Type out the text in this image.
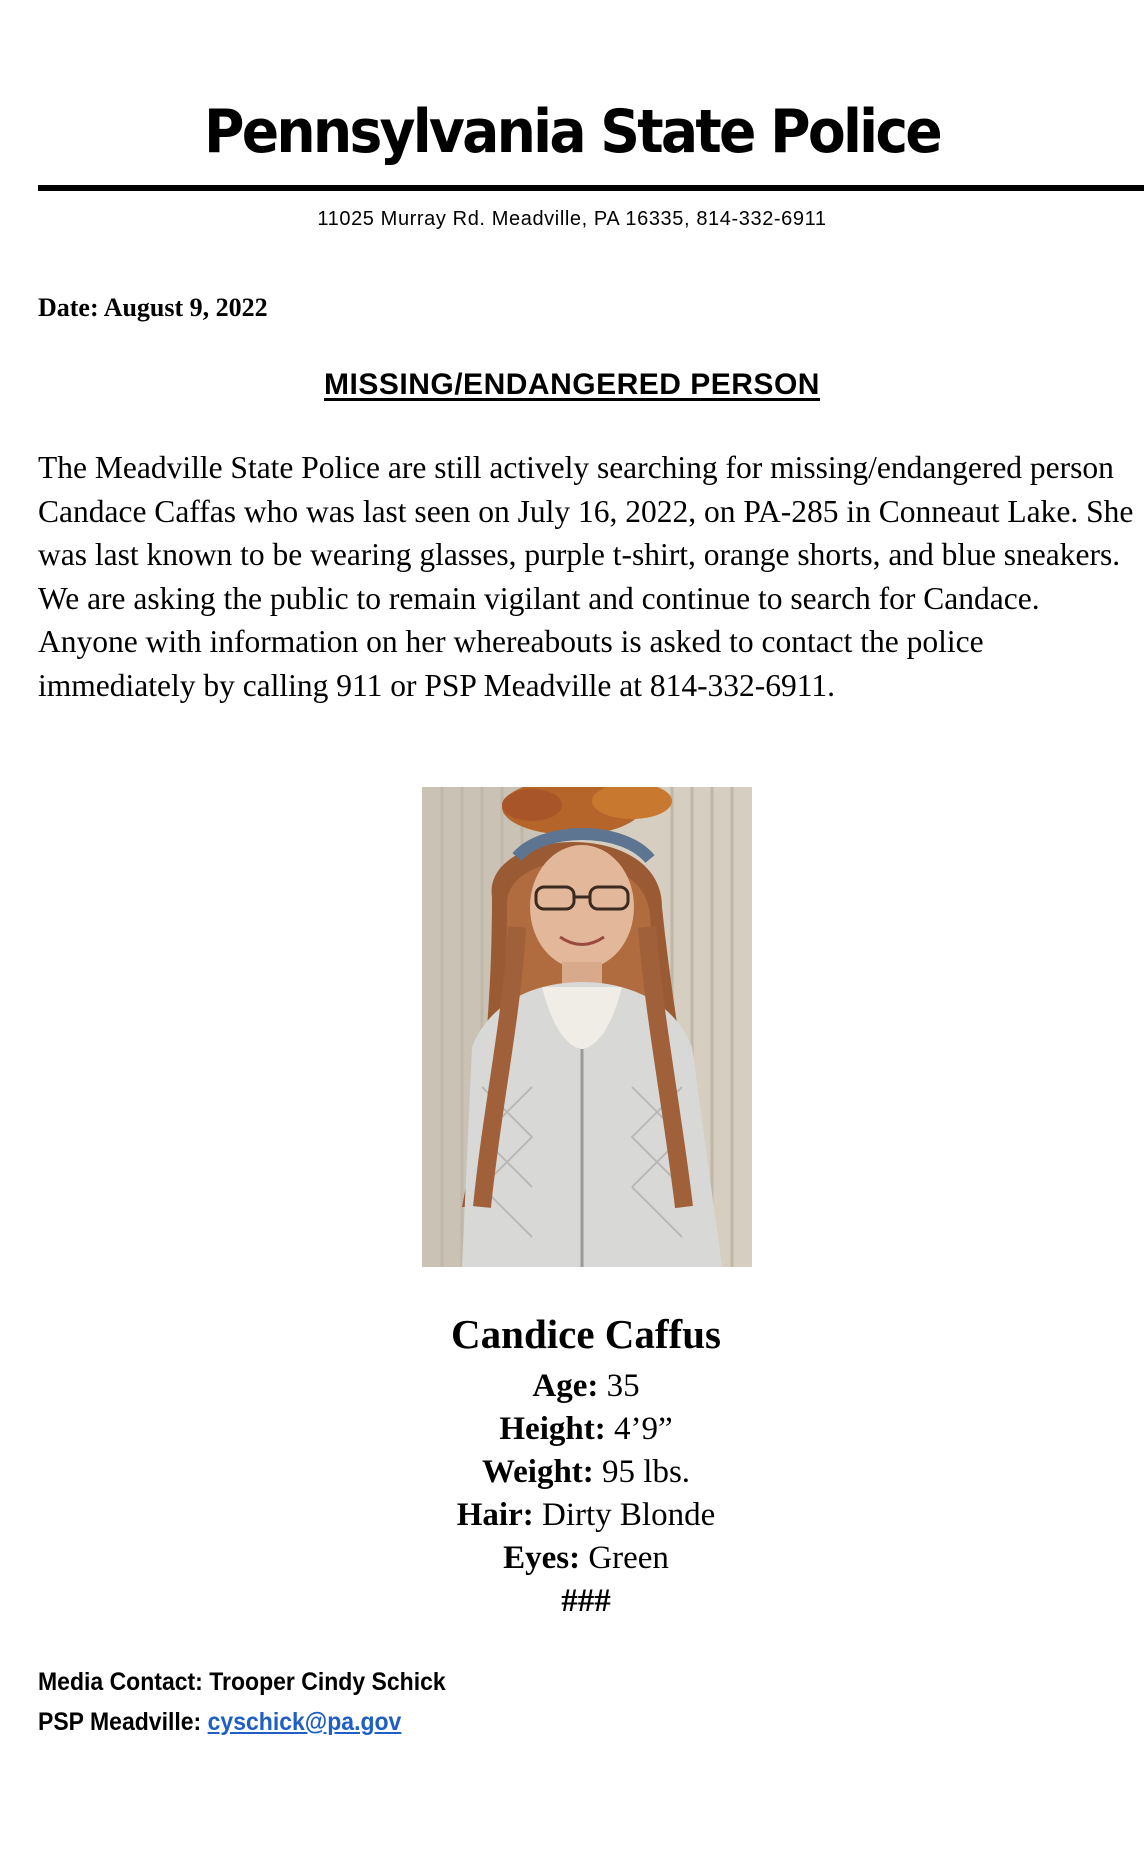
Pennsylvania State Police
11025 Murray Rd. Meadville, PA 16335, 814-332-6911
Date: August 9, 2022
MISSING/ENDANGERED PERSON

The Meadville State Police are still actively searching for missing/endangered person Candace Caffas who was last seen on July 16, 2022, on PA-285 in Conneaut Lake. She was last known to be wearing glasses, purple t-shirt, orange shorts, and blue sneakers. We are asking the public to remain vigilant and continue to search for Candace. Anyone with information on her whereabouts is asked to contact the police immediately by calling 911 or PSP Meadville at 814-332-6911.

Candice Caffus
Age: 35
Height: 4’9”
Weight: 95 lbs.
Hair: Dirty Blonde
Eyes: Green
###
Media Contact: Trooper Cindy Schick
PSP Meadville: cyschick@pa.gov
